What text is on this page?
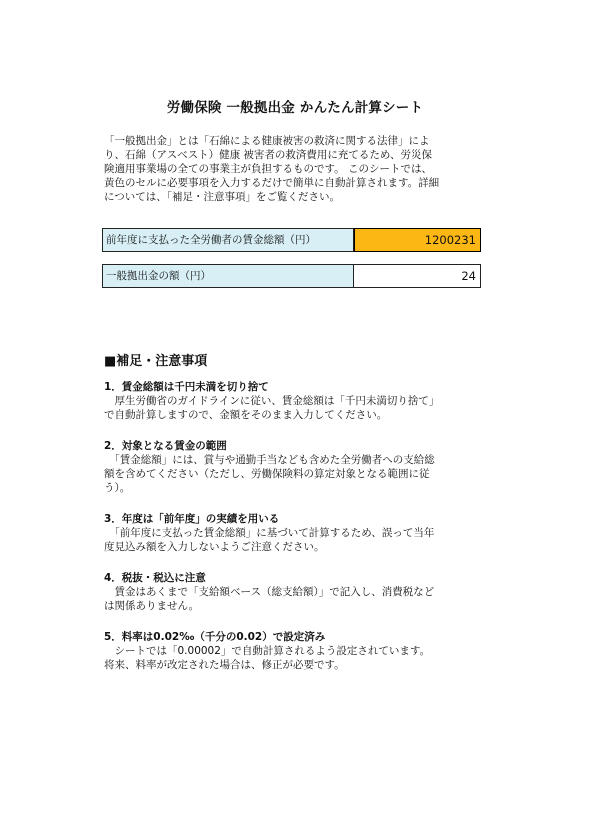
労働保険 一般拠出金 かんたん計算シート
「一般拠出金」とは「石綿による健康被害の救済に関する法律」によ
り、石綿（アスベスト）健康 被害者の救済費用に充てるため、労災保
険適用事業場の全ての事業主が負担するものです。 このシートでは、
黄色のセルに必要事項を入力するだけで簡単に自動計算されます。詳細
については、「補足・注意事項」をご覧ください。
前年度に支払った全労働者の賃金総額（円）	1200231
一般拠出金の額（円）	24
■補足・注意事項
1．賃金総額は千円未満を切り捨て
　厚生労働省のガイドラインに従い、賃金総額は「千円未満切り捨て」
で自動計算しますので、金額をそのまま入力してください。
2．対象となる賃金の範囲
　「賃金総額」には、賞与や通勤手当なども含めた全労働者への支給総
額を含めてください（ただし、労働保険料の算定対象となる範囲に従
う）。
3．年度は「前年度」の実績を用いる
　「前年度に支払った賃金総額」に基づいて計算するため、誤って当年
度見込み額を入力しないようご注意ください。
4．税抜・税込に注意
　賃金はあくまで「支給額ベース（総支給額）」で記入し、消費税など
は関係ありません。
5．料率は0.02‰（千分の0.02）で設定済み
　シートでは「0.00002」で自動計算されるよう設定されています。
将来、料率が改定された場合は、修正が必要です。
